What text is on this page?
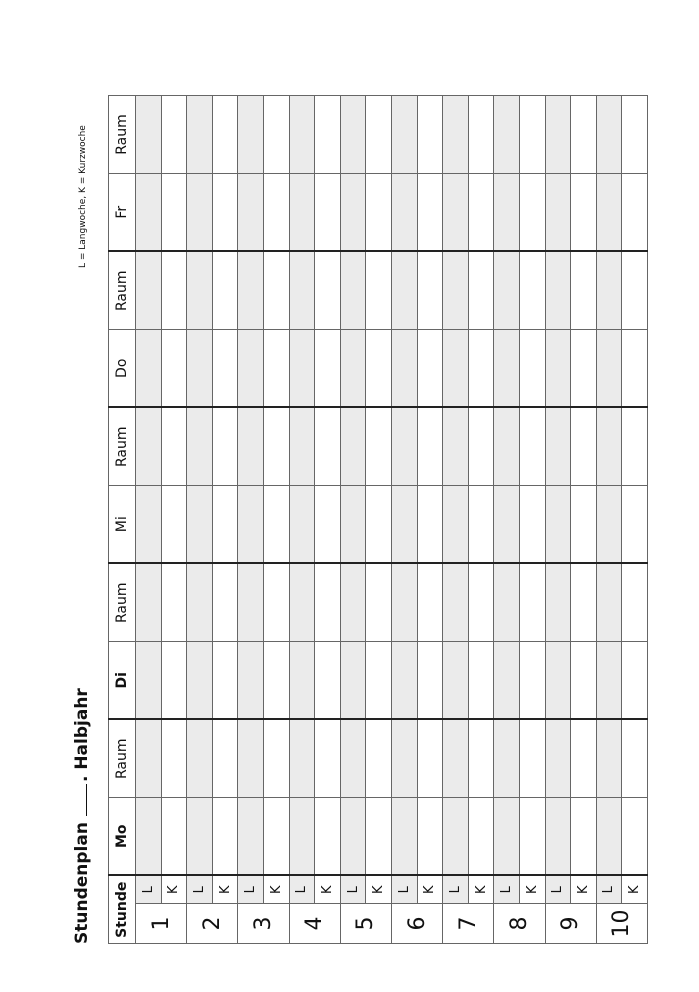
Stundenplan. Halbjahr
L = Langwoche, K = Kurzwoche
Stunde		Mo	Raum	Di	Raum	Mi	Raum	Do	Raum	Fr	Raum
1	L										
	K										
2	L										
	K										
3	L										
	K										
4	L										
	K										
5	L										
	K										
6	L										
	K										
7	L										
	K										
8	L										
	K										
9	L										
	K										
10	L										
	K										
